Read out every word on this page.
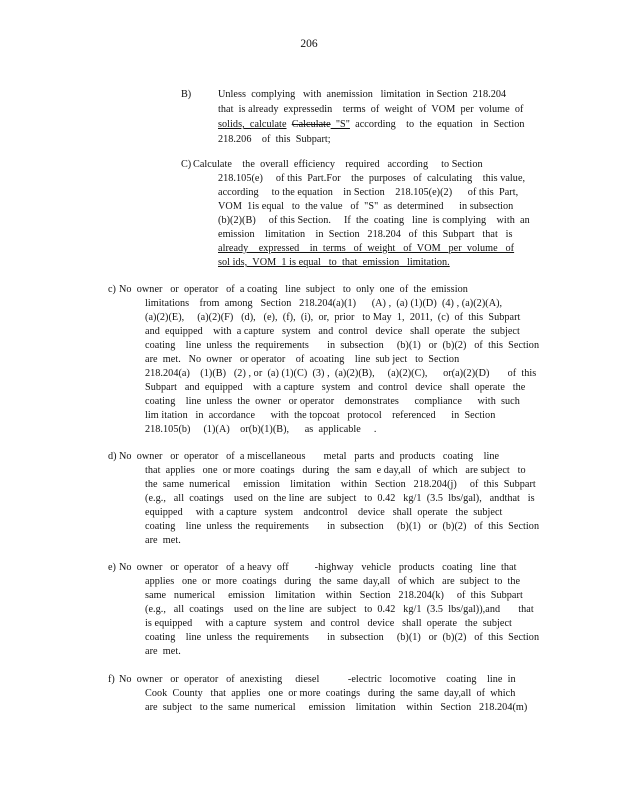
206
B)	Unless  complying   with  anemission   limitation  in Section  218.204
that  is already  expressedin    terms  of  weight  of  VOM  per  volume  of
solids,  calculate Calculate  "S"  according    to  the  equation   in  Section
218.206    of  this  Subpart;
C) Calculate    the  overall  efficiency    required   according     to Section
218.105(e)     of this  Part.For    the  purposes   of  calculating    this value,
according     to the equation    in Section    218.105(e)(2)      of this  Part,
VOM  1is equal   to  the value   of  "S"  as  determined      in subsection
(b)(2)(B)     of this Section.     If  the  coating   line  is complying    with  an
emission    limitation    in  Section   218.204   of  this  Subpart   that   is
already    expressed    in  terms   of  weight   of  VOM   per  volume   of
sol ids,  VOM  1 is equal   to  that  emission   limitation.
c) No  owner   or  operator   of  a coating   line  subject   to  only  one  of  the  emission
limitations    from  among   Section   218.204(a)(1)      (A) ,  (a) (1)(D)  (4) , (a)(2)(A),
(a)(2)(E),     (a)(2)(F)   (d),   (e),  (f),  (i),  or,  prior   to May  1,  2011,  (c)  of  this  Subpart
and  equipped    with  a capture   system   and  control   device   shall  operate   the  subject
coating    line  unless  the  requirements       in  subsection     (b)(1)   or  (b)(2)   of  this  Section
are  met.   No  owner   or operator    of  acoating    line  sub ject   to  Section
218.204(a)    (1)(B)   (2) , or  (a) (1)(C)  (3) ,  (a)(2)(B),     (a)(2)(C),      or(a)(2)(D)       of  this
Subpart   and  equipped    with  a capture   system   and  control   device   shall  operate   the
coating    line  unless  the  owner   or operator    demonstrates      compliance      with  such
lim itation   in  accordance      with  the topcoat   protocol    referenced      in  Section
218.105(b)     (1)(A)    or(b)(1)(B),      as  applicable     .
d) No  owner   or  operator   of  a miscellaneous       metal   parts  and  products   coating    line
that  applies   one  or more  coatings   during   the  sam  e day,all   of  which   are subject   to
the  same  numerical     emission    limitation    within   Section   218.204(j)     of  this  Subpart
(e.g.,   all  coatings    used  on  the line  are  subject   to  0.42   kg/1  (3.5  lbs/gal),   andthat   is
equipped     with  a capture   system    andcontrol    device   shall  operate   the  subject
coating    line  unless  the  requirements       in  subsection     (b)(1)   or  (b)(2)   of  this  Section
are  met.
e) No  owner   or  operator   of  a heavy  off          -highway   vehicle   products   coating   line  that
applies   one  or  more  coatings   during   the  same  day,all   of which   are  subject  to  the
same   numerical     emission    limitation    within   Section   218.204(k)     of  this  Subpart
(e.g.,   all  coatings    used  on  the line  are  subject   to  0.42   kg/1  (3.5  lbs/gal)),and       that
is equipped     with  a capture   system   and  control   device   shall  operate   the  subject
coating    line  unless  the  requirements       in  subsection     (b)(1)   or  (b)(2)   of  this  Section
are  met.
f) No  owner   or  operator   of  anexisting     diesel           -electric   locomotive    coating    line  in
Cook  County   that  applies   one  or more  coatings   during  the  same  day,all  of  which
are  subject   to the  same  numerical     emission    limitation    within   Section   218.204(m)
